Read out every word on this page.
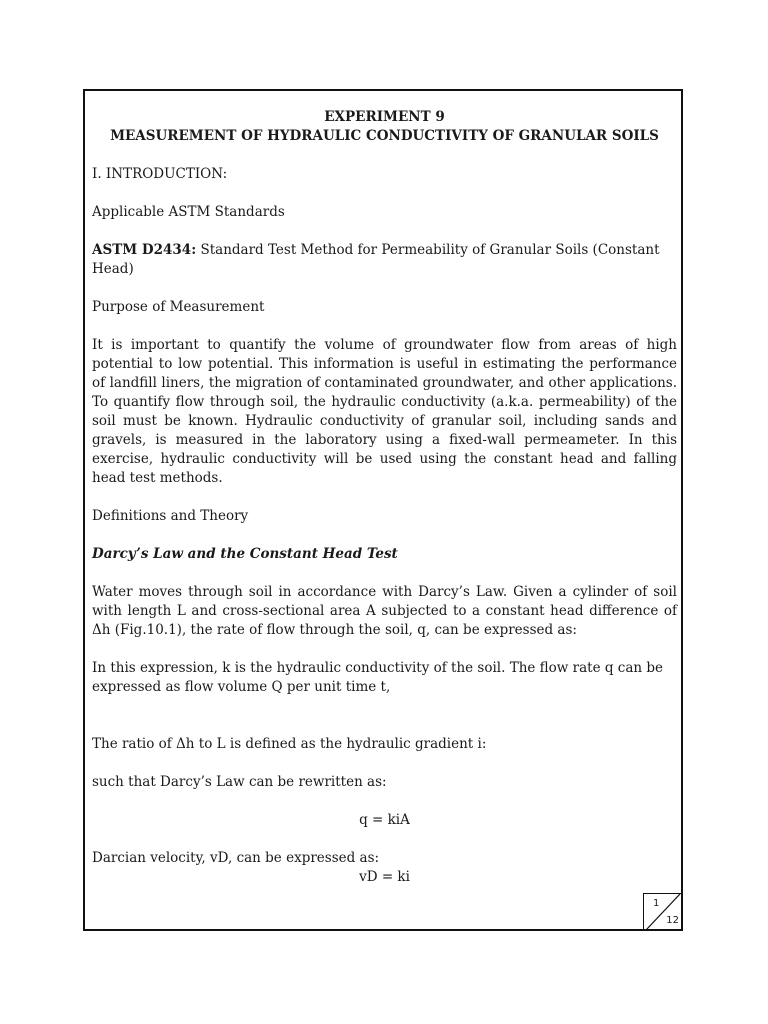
EXPERIMENT 9

MEASUREMENT OF HYDRAULIC CONDUCTIVITY OF GRANULAR SOILS

I. INTRODUCTION:

Applicable ASTM Standards

ASTM D2434: Standard Test Method for Permeability of Granular Soils (Constant Head)

Purpose of Measurement

It is important to quantify the volume of groundwater flow from areas of high potential to low potential. This information is useful in estimating the performance of landfill liners, the migration of contaminated groundwater, and other applications. To quantify flow through soil, the hydraulic conductivity (a.k.a. permeability) of the soil must be known. Hydraulic conductivity of granular soil, including sands and gravels, is measured in the laboratory using a fixed-wall permeameter. In this exercise, hydraulic conductivity will be used using the constant head and falling head test methods.

Definitions and Theory

Darcy’s Law and the Constant Head Test

Water moves through soil in accordance with Darcy’s Law. Given a cylinder of soil with length L and cross-sectional area A subjected to a constant head difference of Δh (Fig.10.1), the rate of flow through the soil, q, can be expressed as:

In this expression, k is the hydraulic conductivity of the soil. The flow rate q can be expressed as flow volume Q per unit time t,

The ratio of Δh to L is defined as the hydraulic gradient i:

such that Darcy’s Law can be rewritten as:

q = kiA

Darcian velocity, vD, can be expressed as:

vD = ki

1
12
